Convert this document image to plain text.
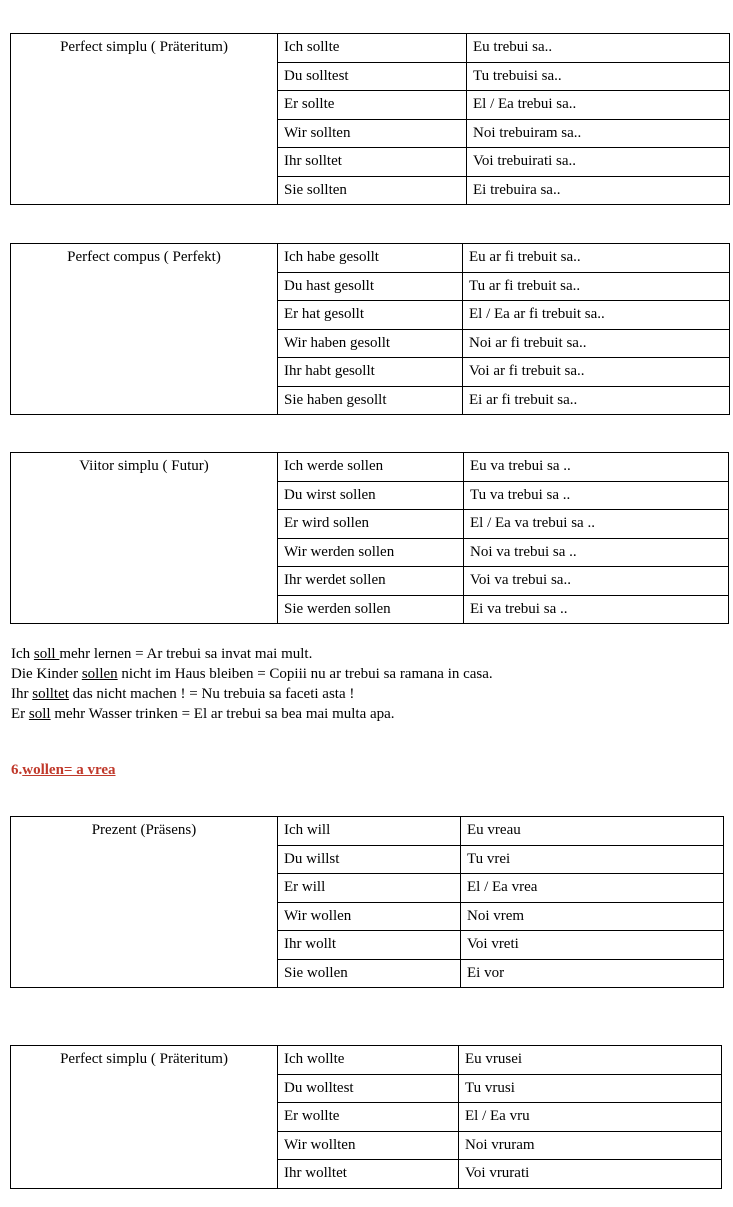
Perfect simplu ( Präteritum)	Ich sollte	Eu trebui sa..
	Du solltest	Tu trebuisi sa..
	Er sollte	El / Ea trebui sa..
	Wir sollten	Noi trebuiram sa..
	Ihr solltet	Voi trebuirati sa..
	Sie sollten	Ei trebuira sa..
Perfect compus ( Perfekt)	Ich habe gesollt	Eu ar fi trebuit sa..
	Du hast gesollt	Tu ar fi trebuit sa..
	Er hat gesollt	El / Ea ar fi trebuit sa..
	Wir haben gesollt	Noi ar fi trebuit sa..
	Ihr habt gesollt	Voi ar fi trebuit sa..
	Sie haben gesollt	Ei ar fi trebuit sa..
Viitor simplu ( Futur)	Ich werde sollen	Eu va trebui sa ..
	Du wirst sollen	Tu va trebui sa ..
	Er wird sollen	El / Ea va trebui sa ..
	Wir werden sollen	Noi va trebui sa ..
	Ihr werdet sollen	Voi va trebui sa..
	Sie werden sollen	Ei va trebui sa ..
Ich soll mehr lernen = Ar trebui sa invat mai mult.
Die Kinder sollen nicht im Haus bleiben = Copiii nu ar trebui sa ramana in casa.
Ihr solltet das nicht machen ! = Nu trebuia sa faceti asta !
Er soll mehr Wasser trinken = El ar trebui sa bea mai multa apa.
6.wollen= a vrea
Prezent (Präsens)	Ich will	Eu vreau
	Du willst	Tu vrei
	Er will	El / Ea vrea
	Wir wollen	Noi vrem
	Ihr wollt	Voi vreti
	Sie wollen	Ei vor
Perfect simplu ( Präteritum)	Ich wollte	Eu vrusei
	Du wolltest	Tu vrusi
	Er wollte	El / Ea vru
	Wir wollten	Noi vruram
	Ihr wolltet	Voi vrurati
